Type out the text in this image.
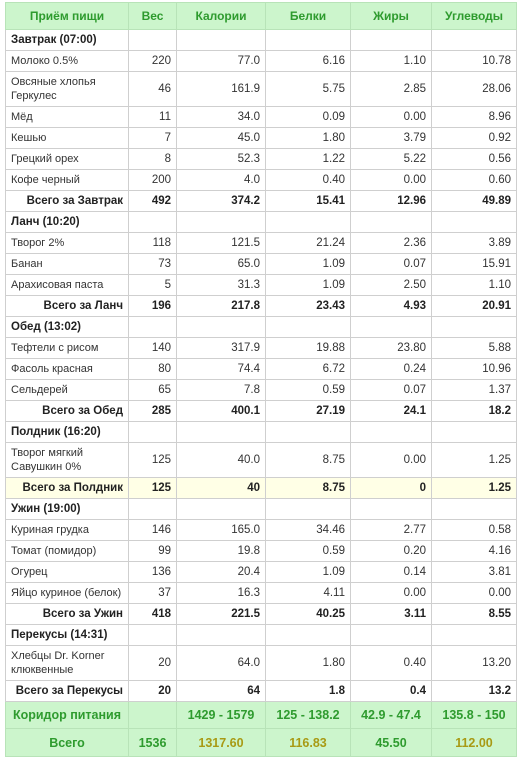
Приём пищи	Вес	Калории	Белки	Жиры	Углеводы
Завтрак (07:00)					
Молоко 0.5%	220	77.0	6.16	1.10	10.78
Овсяные хлопья Геркулес	46	161.9	5.75	2.85	28.06
Мёд	11	34.0	0.09	0.00	8.96
Кешью	7	45.0	1.80	3.79	0.92
Грецкий орех	8	52.3	1.22	5.22	0.56
Кофе черный	200	4.0	0.40	0.00	0.60
Всего за Завтрак	492	374.2	15.41	12.96	49.89
Ланч (10:20)					
Творог 2%	118	121.5	21.24	2.36	3.89
Банан	73	65.0	1.09	0.07	15.91
Арахисовая паста	5	31.3	1.09	2.50	1.10
Всего за Ланч	196	217.8	23.43	4.93	20.91
Обед (13:02)					
Тефтели с рисом	140	317.9	19.88	23.80	5.88
Фасоль красная	80	74.4	6.72	0.24	10.96
Сельдерей	65	7.8	0.59	0.07	1.37
Всего за Обед	285	400.1	27.19	24.1	18.2
Полдник (16:20)					
Творог мягкий Савушкин 0%	125	40.0	8.75	0.00	1.25
Всего за Полдник	125	40	8.75	0	1.25
Ужин (19:00)					
Куриная грудка	146	165.0	34.46	2.77	0.58
Томат (помидор)	99	19.8	0.59	0.20	4.16
Огурец	136	20.4	1.09	0.14	3.81
Яйцо куриное (белок)	37	16.3	4.11	0.00	0.00
Всего за Ужин	418	221.5	40.25	3.11	8.55
Перекусы (14:31)					
Хлебцы Dr. Korner клюквенные	20	64.0	1.80	0.40	13.20
Всего за Перекусы	20	64	1.8	0.4	13.2
Коридор питания		1429 - 1579	125 - 138.2	42.9 - 47.4	135.8 - 150
Всего	1536	1317.60	116.83	45.50	112.00
